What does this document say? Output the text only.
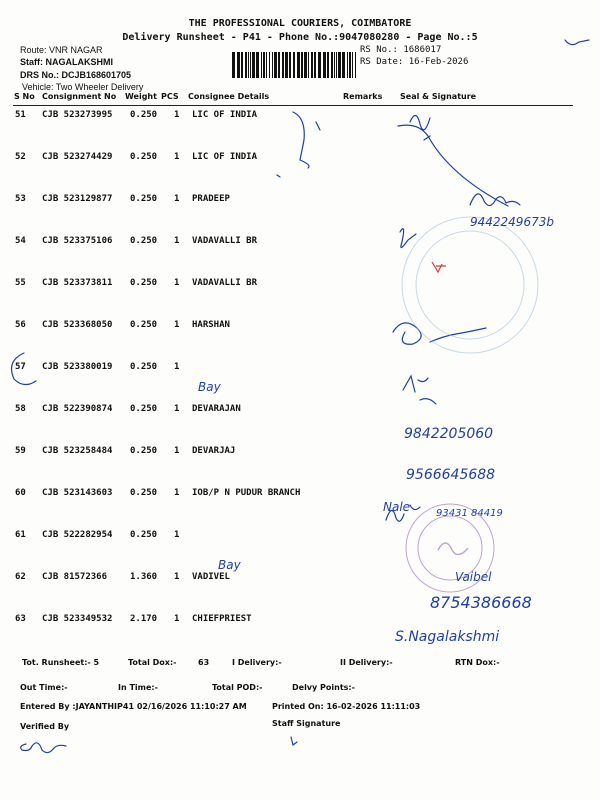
THE PROFESSIONAL COURIERS, COIMBATORE
Delivery Runsheet - P41 - Phone No.:9047080280 - Page No.:5
Route: VNR NAGAR
Staff: NAGALAKSHMI
DRS No.: DCJB168601705
Vehicle: Two Wheeler Delivery
RS No.: 1686017
RS Date: 16-Feb-2026
S No Consignment No Weight PCS Consignee Details	Remarks Seal & Signature
51 CJB 523273995 0.250 1 LIC OF INDIA
52 CJB 523274429 0.250 1 LIC OF INDIA
53 CJB 523129877 0.250 1 PRADEEP
54 CJB 523375106 0.250 1 VADAVALLI BR
55 CJB 523373811 0.250 1 VADAVALLI BR
56 CJB 523368050 0.250 1 HARSHAN
57 CJB 523380019 0.250 1
58 CJB 522390874 0.250 1 DEVARAJAN
59 CJB 523258484 0.250 1 DEVARJAJ
60 CJB 523143603 0.250 1 IOB/P N PUDUR BRANCH
61 CJB 522282954 0.250 1
62 CJB 81572366	1.360 1 VADIVEL
63 CJB 523349532 2.170 1 CHIEFPRIEST
9442249673b
9842205060
9566645688
93431 84419
8754386668
S.Nagalakshmi
Bay
Bay
Vaibel
Nale
Tot. Runsheet:- 5	Total Dox:-	63	I Delivery:-	II Delivery:-	RTN Dox:-
Out Time:-	In Time:-	Total POD:-	Delvy Points:-
Entered By :JAYANTHIP41 02/16/2026 11:10:27 AM	Printed On: 16-02-2026 11:11:03
Verified By	Staff Signature
